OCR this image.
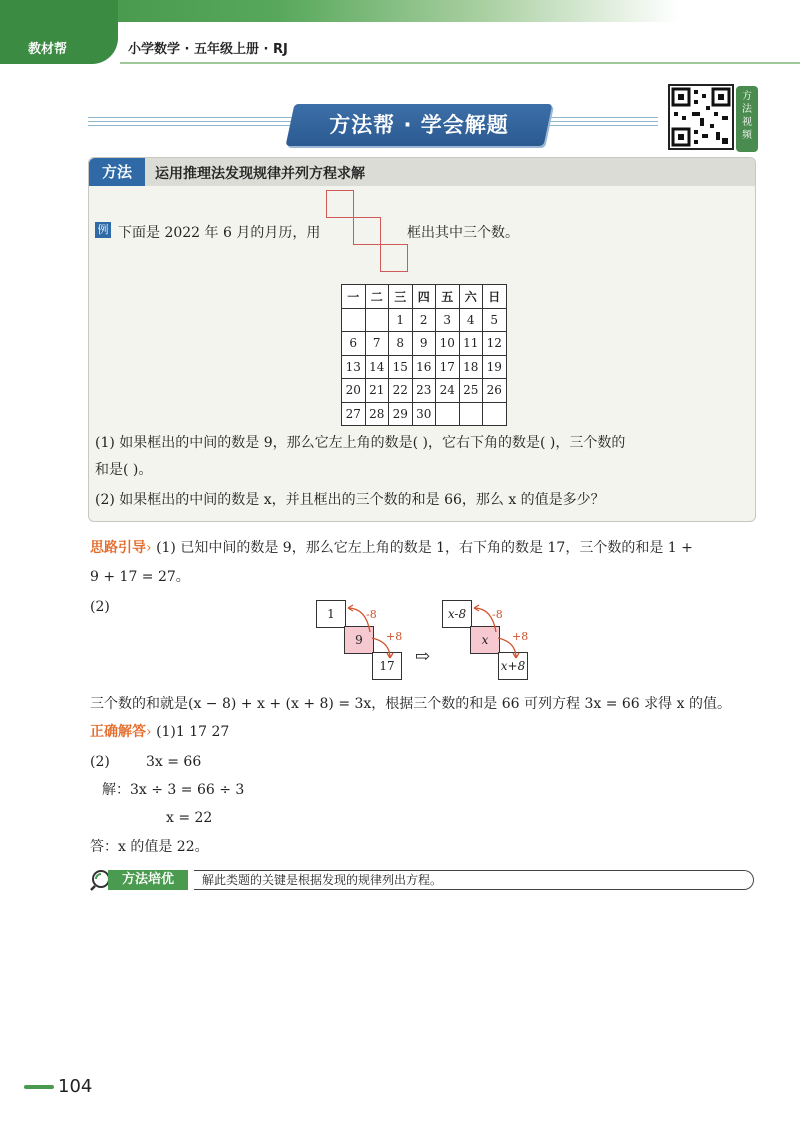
教材帮	小学数学 · 五年级上册 · RJ
方法帮 · 学会解题
方
法
视
频
方法	运用推理法发现规律并列方程求解
例 下面是 2022 年 6 月的月历，用	框出其中三个数。
一	二	三	四	五	六	日
		1	2	3	4	5
6	7	8	9	10	11	12
13	14	15	16	17	18	19
20	21	22	23	24	25	26
27	28	29	30			
(1) 如果框出的中间的数是 9，那么它左上角的数是( )，它右下角的数是( )，三个数的
和是( )。
(2) 如果框出的中间的数是 x，并且框出的三个数的和是 66，那么 x 的值是多少？
思路引导› (1) 已知中间的数是 9，那么它左上角的数是 1，右下角的数是 17，三个数的和是 1 +
9 + 17 = 27。
(2)	1
9
17
-8
+8
⇨
x-8
x
x+8
-8
+8
三个数的和就是(x − 8) + x + (x + 8) = 3x，根据三个数的和是 66 可列方程 3x = 66 求得 x 的值。
正确解答› (1)1 17 27
(2)	3x = 66
解：3x ÷ 3 = 66 ÷ 3
x = 22
答：x 的值是 22。
方法培优	解此类题的关键是根据发现的规律列出方程。
104
